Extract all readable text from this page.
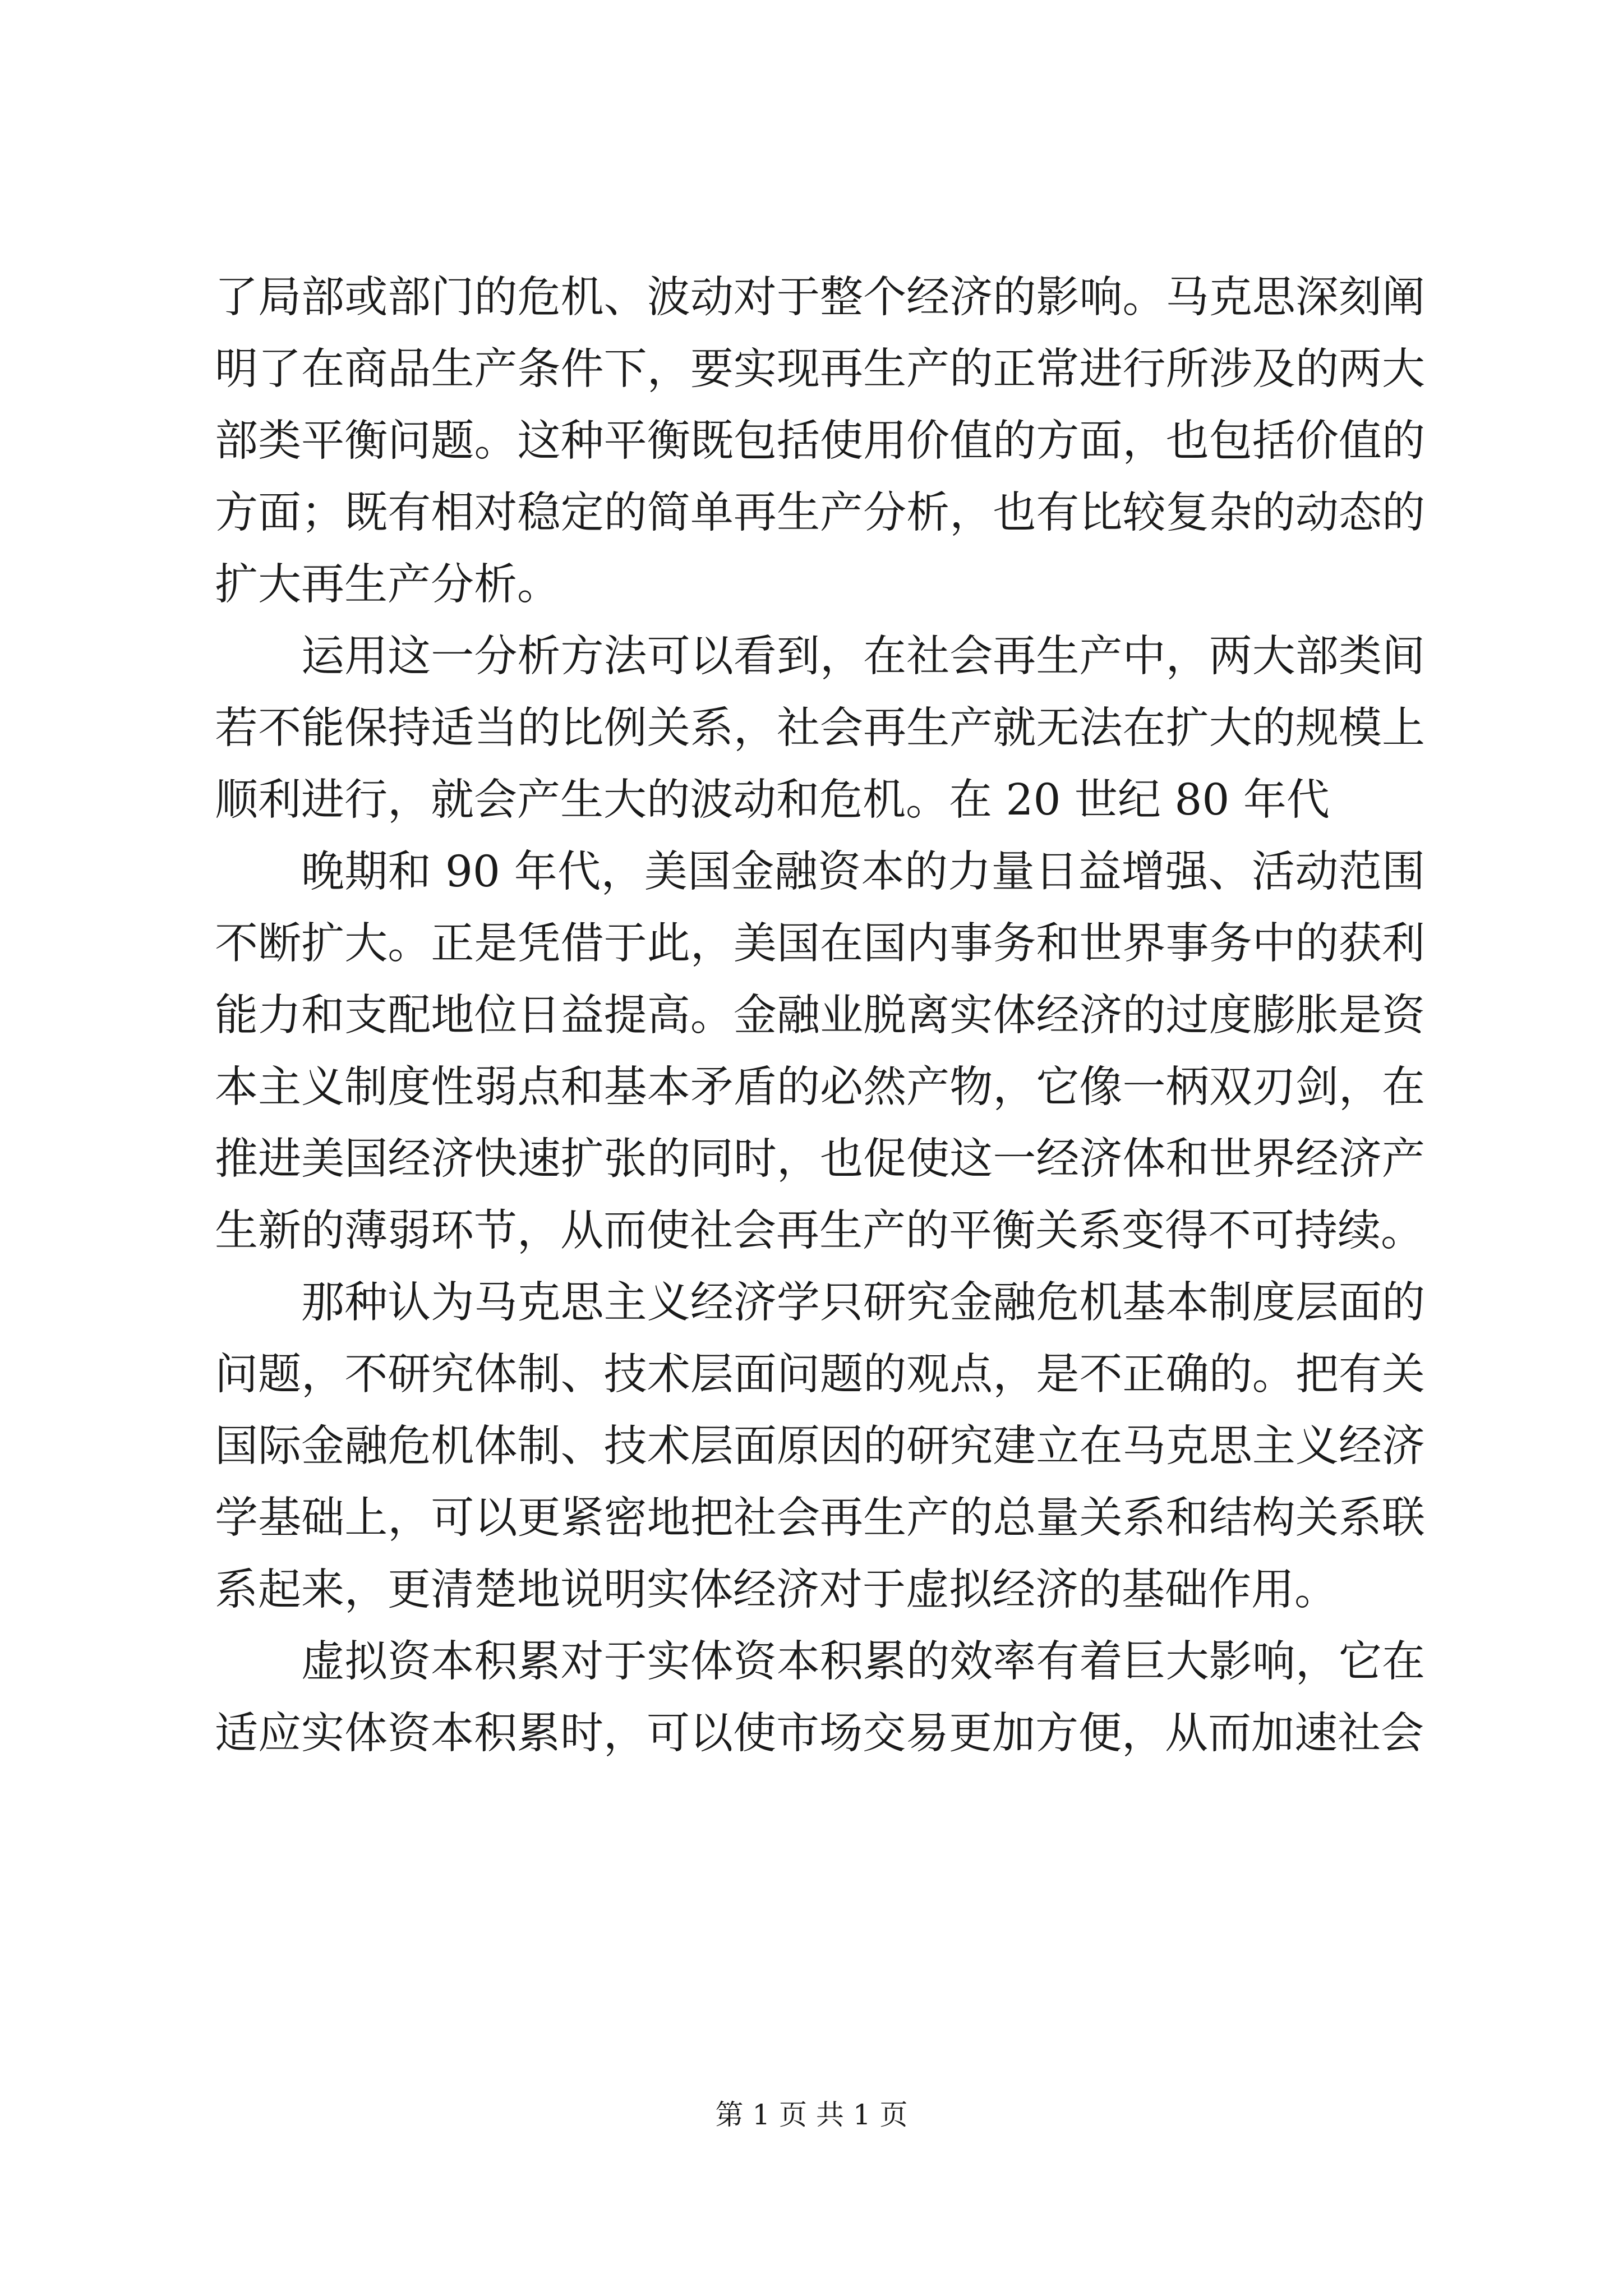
了局部或部门的危机、波动对于整个经济的影响。马克思深刻阐明了在商品生产条件下，要实现再生产的正常进行所涉及的两大部类平衡问题。这种平衡既包括使用价值的方面，也包括价值的方面；既有相对稳定的简单再生产分析，也有比较复杂的动态的扩大再生产分析。

运用这一分析方法可以看到，在社会再生产中，两大部类间若不能保持适当的比例关系，社会再生产就无法在扩大的规模上顺利进行，就会产生大的波动和危机。在 20 世纪 80 年代

晚期和 90 年代，美国金融资本的力量日益增强、活动范围不断扩大。正是凭借于此，美国在国内事务和世界事务中的获利能力和支配地位日益提高。金融业脱离实体经济的过度膨胀是资本主义制度性弱点和基本矛盾的必然产物，它像一柄双刃剑，在推进美国经济快速扩张的同时，也促使这一经济体和世界经济产生新的薄弱环节，从而使社会再生产的平衡关系变得不可持续。

那种认为马克思主义经济学只研究金融危机基本制度层面的问题，不研究体制、技术层面问题的观点，是不正确的。把有关国际金融危机体制、技术层面原因的研究建立在马克思主义经济学基础上，可以更紧密地把社会再生产的总量关系和结构关系联系起来，更清楚地说明实体经济对于虚拟经济的基础作用。

虚拟资本积累对于实体资本积累的效率有着巨大影响，它在适应实体资本积累时，可以使市场交易更加方便，从而加速社会

第 1 页 共 1 页
